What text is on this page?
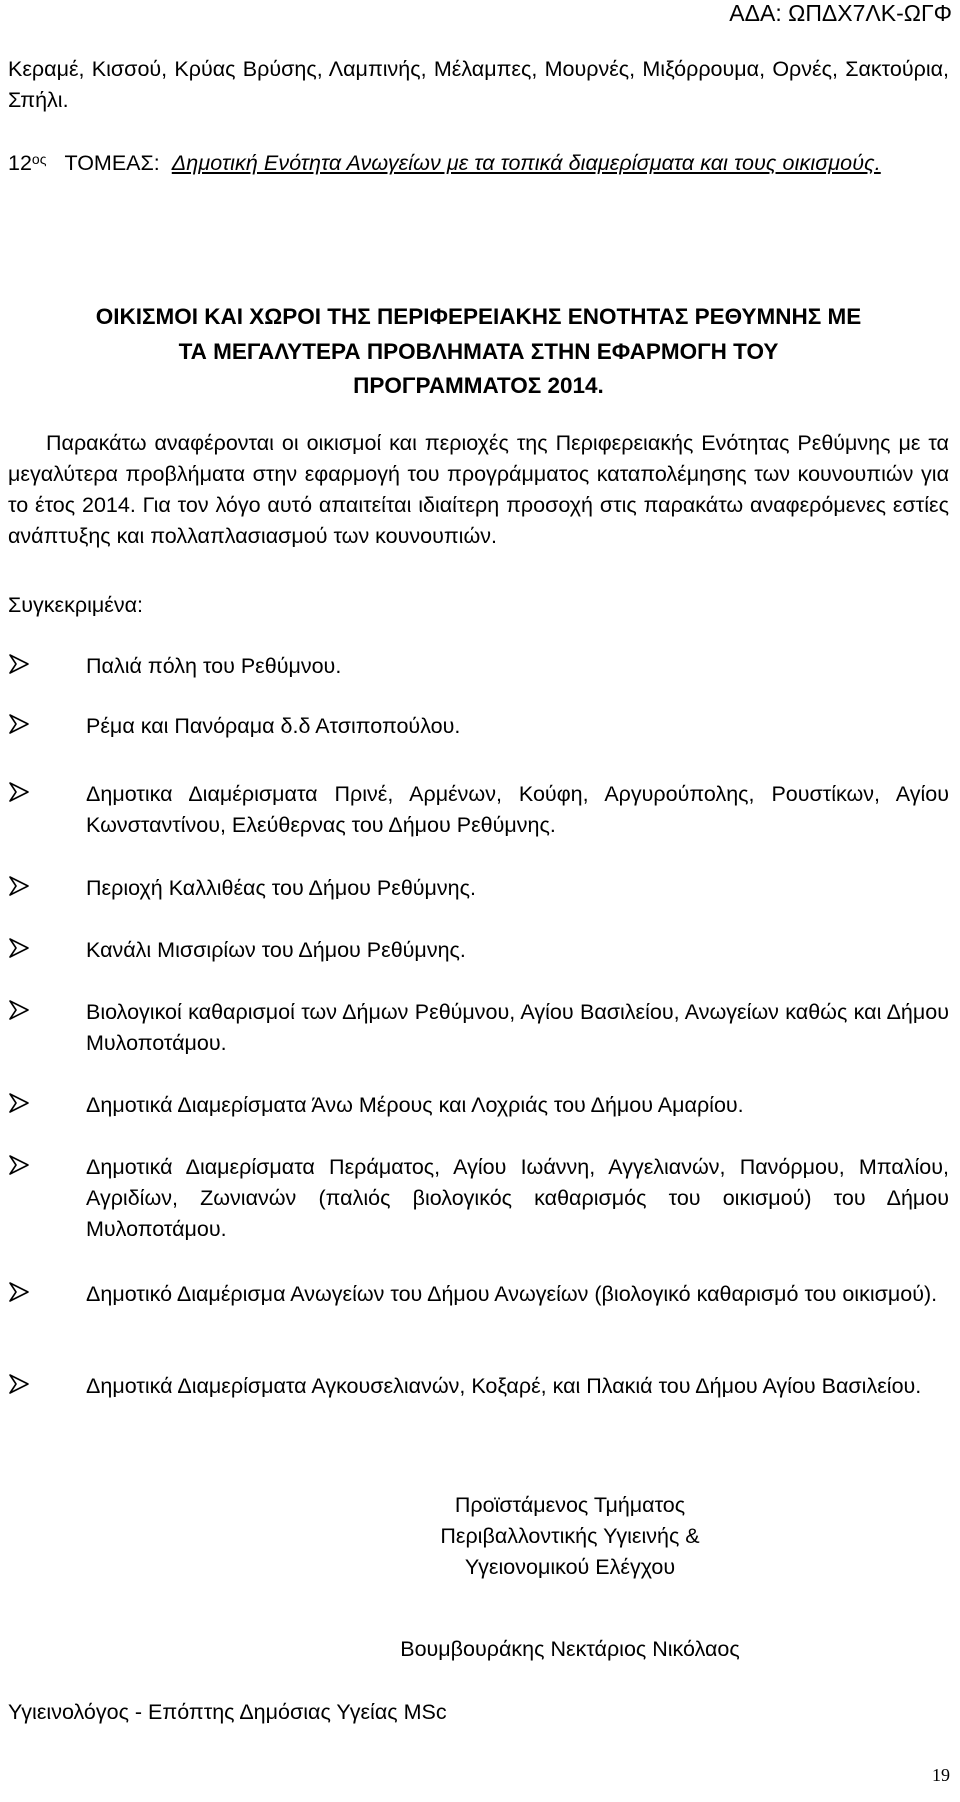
ΑΔΑ: ΩΠΔΧ7ΛΚ-ΩΓΦ

Κεραμέ, Κισσού, Κρύας Βρύσης, Λαμπινής, Μέλαμπες, Μουρνές, Μιξόρρουμα, Ορνές, Σακτούρια, Σπήλι.

$12^{o\varsigma}$ ΤΟΜΕΑΣ: Δημοτική Ενότητα Ανωγείων με τα τοπικά διαμερίσματα και τους οικισμούς.
ΟΙΚΙΣΜΟΙ ΚΑΙ ΧΩΡΟΙ ΤΗΣ ΠΕΡΙΦΕΡΕΙΑΚΗΣ ΕΝΟΤΗΤΑΣ ΡΕΘΥΜΝΗΣ ΜΕ
ΤΑ ΜΕΓΑΛΥΤΕΡΑ ΠΡΟΒΛΗΜΑΤΑ ΣΤΗΝ ΕΦΑΡΜΟΓΗ ΤΟΥ
ΠΡΟΓΡΑΜΜΑΤΟΣ 2014.

Παρακάτω αναφέρονται οι οικισμοί και περιοχές της Περιφερειακής Ενότητας Ρεθύμνης με τα μεγαλύτερα προβλήματα στην εφαρμογή του προγράμματος καταπολέμησης των κουνουπιών για το έτος 2014. Για τον λόγο αυτό απαιτείται ιδιαίτερη προσοχή στις παρακάτω αναφερόμενες εστίες ανάπτυξης και πολλαπλασιασμού των κουνουπιών.

Συγκεκριμένα:
Παλιά πόλη του Ρεθύμνου.
Ρέμα και Πανόραμα δ.δ Ατσιποπούλου.
Δημοτικα Διαμέρισματα Πρινέ, Αρμένων, Κούφη, Αργυρούπολης, Ρουστίκων, Αγίου Κωνσταντίνου, Ελεύθερνας του Δήμου Ρεθύμνης.
Περιοχή Καλλιθέας του Δήμου Ρεθύμνης.
Κανάλι Μισσιρίων του Δήμου Ρεθύμνης.
Βιολογικοί καθαρισμοί των Δήμων Ρεθύμνου, Αγίου Βασιλείου, Ανωγείων καθώς και Δήμου Μυλοποτάμου.
Δημοτικά Διαμερίσματα Άνω Μέρους και Λοχριάς του Δήμου Αμαρίου.
Δημοτικά Διαμερίσματα Περάματος, Αγίου Ιωάννη, Αγγελιανών, Πανόρμου, Μπαλίου, Αγριδίων, Ζωνιανών (παλιός βιολογικός καθαρισμός του οικισμού) του Δήμου Μυλοποτάμου.
Δημοτικό Διαμέρισμα Ανωγείων του Δήμου Ανωγείων (βιολογικό καθαρισμό του οικισμού).
Δημοτικά Διαμερίσματα Αγκουσελιανών, Κοξαρέ, και Πλακιά του Δήμου Αγίου Βασιλείου.
Προϊστάμενος Τμήματος
Περιβαλλοντικής Υγιεινής &
Υγειονομικού Ελέγχου
Βουμβουράκης Νεκτάριος Νικόλαος
Υγιεινολόγος - Επόπτης Δημόσιας Υγείας MSc
19
